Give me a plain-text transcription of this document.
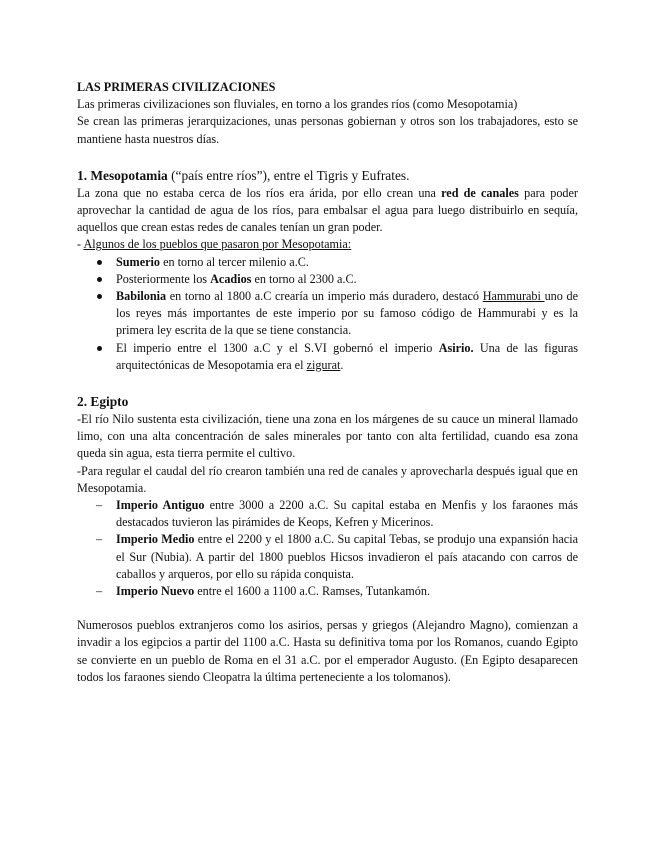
LAS PRIMERAS CIVILIZACIONES

Las primeras civilizaciones son fluviales, en torno a los grandes ríos (como Mesopotamia)

Se crean las primeras jerarquizaciones, unas personas gobiernan y otros son los trabajadores, esto se mantiene hasta nuestros días.

1. Mesopotamia (“país entre ríos”), entre el Tigris y Eufrates.

La zona que no estaba cerca de los ríos era árida, por ello crean una red de canales para poder aprovechar la cantidad de agua de los ríos, para embalsar el agua para luego distribuirlo en sequía, aquellos que crean estas redes de canales tenían un gran poder.

- Algunos de los pueblos que pasaron por Mesopotamia:

Sumerio en torno al tercer milenio a.C.
Posteriormente los Acadios en torno al 2300 a.C.
Babilonia en torno al 1800 a.C crearía un imperio más duradero, destacó Hammurabi uno de los reyes más importantes de este imperio por su famoso código de Hammurabi y es la primera ley escrita de la que se tiene constancia.
El imperio entre el 1300 a.C y el S.VI gobernó el imperio Asirio. Una de las figuras arquitectónicas de Mesopotamia era el zigurat.

2. Egipto

-El río Nilo sustenta esta civilización, tiene una zona en los márgenes de su cauce un mineral llamado limo, con una alta concentración de sales minerales por tanto con alta fertilidad, cuando esa zona queda sin agua, esta tierra permite el cultivo.

-Para regular el caudal del río crearon también una red de canales y aprovecharla después igual que en Mesopotamia.

– Imperio Antiguo entre 3000 a 2200 a.C. Su capital estaba en Menfis y los faraones más destacados tuvieron las pirámides de Keops, Kefren y Micerinos.
– Imperio Medio entre el 2200 y el 1800 a.C. Su capital Tebas, se produjo una expansión hacia el Sur (Nubia). A partir del 1800 pueblos Hicsos invadieron el país atacando con carros de caballos y arqueros, por ello su rápida conquista.
– Imperio Nuevo entre el 1600 a 1100 a.C. Ramses, Tutankamón.

Numerosos pueblos extranjeros como los asirios, persas y griegos (Alejandro Magno), comienzan a invadir a los egipcios a partir del 1100 a.C. Hasta su definitiva toma por los Romanos, cuando Egipto se convierte en un pueblo de Roma en el 31 a.C. por el emperador Augusto. (En Egipto desaparecen todos los faraones siendo Cleopatra la última perteneciente a los tolomanos).
